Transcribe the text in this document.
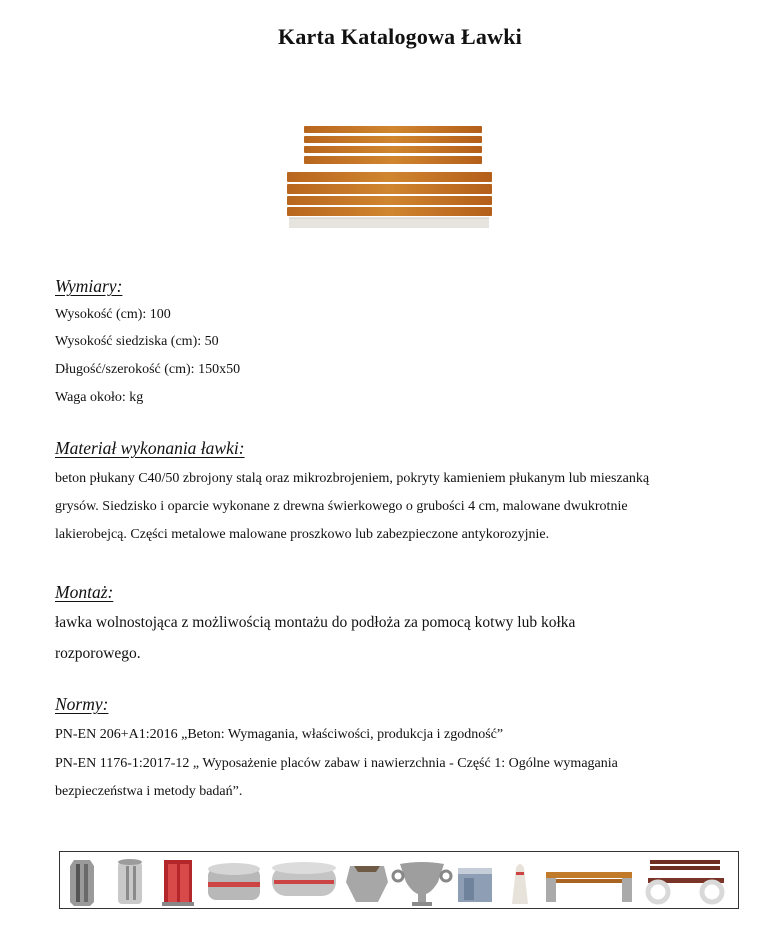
Karta Katalogowa Ławki
Wymiary:
Wysokość (cm): 100
Wysokość siedziska (cm): 50
Długość/szerokość (cm): 150x50
Waga około: kg
Materiał wykonania ławki:
beton płukany C40/50 zbrojony stalą oraz mikrozbrojeniem, pokryty kamieniem płukanym lub mieszanką
grysów. Siedzisko i oparcie wykonane z drewna świerkowego o grubości 4 cm, malowane dwukrotnie
lakierobejcą. Części metalowe malowane proszkowo lub zabezpieczone antykorozyjnie.
Montaż:
ławka wolnostojąca z możliwością montażu do podłoża za pomocą kotwy lub kołka
rozporowego.
Normy:
PN-EN 206+A1:2016 „Beton: Wymagania, właściwości, produkcja i zgodność”
PN-EN 1176-1:2017-12 „ Wyposażenie placów zabaw i nawierzchnia - Część 1: Ogólne wymagania
bezpieczeństwa i metody badań”.
